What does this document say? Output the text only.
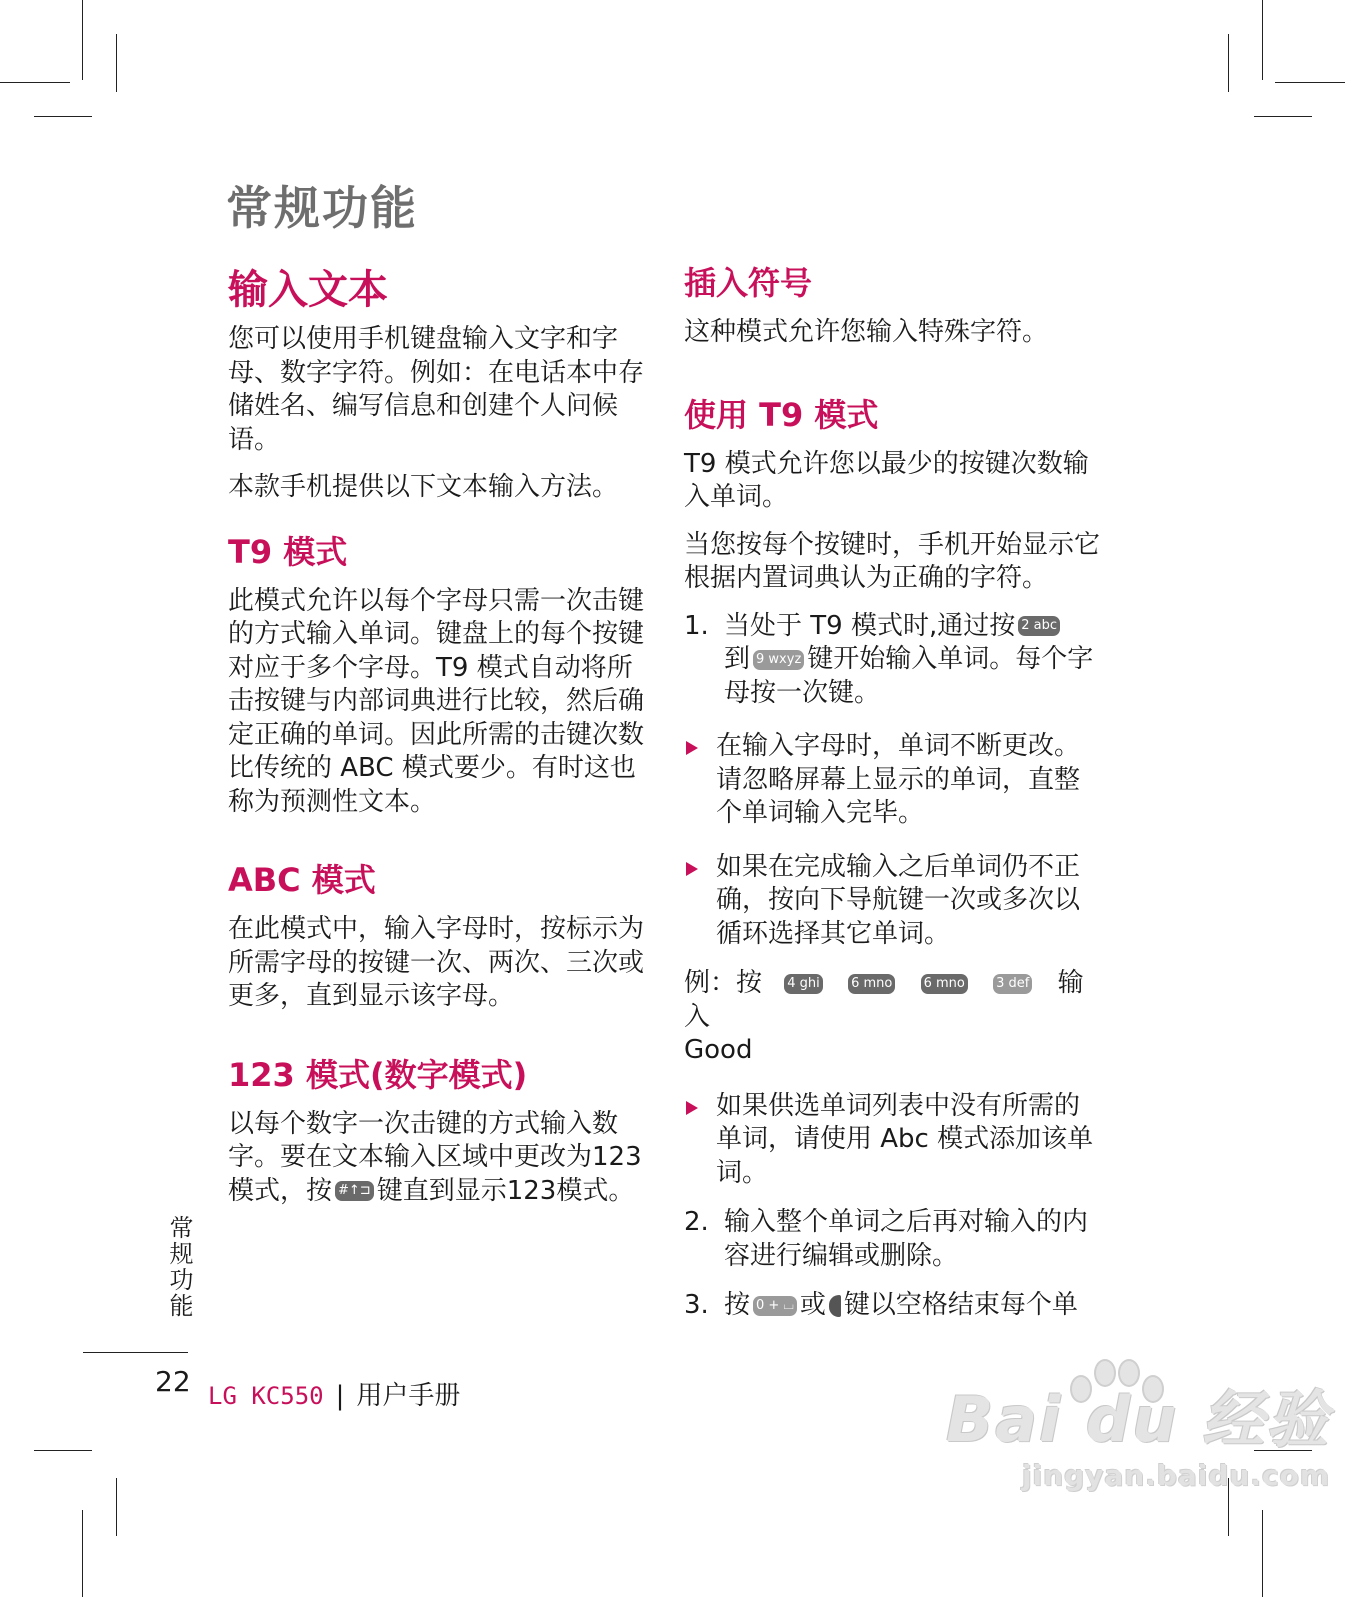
常规功能
输入文本

您可以使用手机键盘输入文字和字母、数字字符。例如：在电话本中存储姓名、编写信息和创建个人问候语。

本款手机提供以下文本输入方法。

T9 模式

此模式允许以每个字母只需一次击键的方式输入单词。键盘上的每个按键对应于多个字母。T9 模式自动将所击按键与内部词典进行比较，然后确定正确的单词。因此所需的击键次数比传统的 ABC 模式要少。有时这也称为预测性文本。

ABC 模式

在此模式中，输入字母时，按标示为所需字母的按键一次、两次、三次或更多，直到显示该字母。

123 模式(数字模式)

以每个数字一次击键的方式输入数字。要在文本输入区域中更改为123模式，按 #↑⊐ 键直到显示123模式。

插入符号

这种模式允许您输入特殊字符。

使用 T9 模式

T9 模式允许您以最少的按键次数输入单词。

当您按每个按键时，手机开始显示它根据内置词典认为正确的字符。

1. 当处于 T9 模式时,通过按 2 abc
到 9 wxyz 键开始输入单词。每个字母按一次键。
在输入字母时，单词不断更改。请忽略屏幕上显示的单词，直整个单词输入完毕。
如果在完成输入之后单词仍不正确，按向下导航键一次或多次以循环选择其它单词。

例：按 4 ghi 6 mno 6 mno 3 def 输入
Good

如果供选单词列表中没有所需的单词，请使用 Abc 模式添加该单词。
2. 输入整个单词之后再对输入的内容进行编辑或删除。
3. 按 0 + ⌴ 或 键以空格结束每个单
常规功能
22 LG KC550 | 用户手册	Bai du 经验
jingyan.baidu.com
